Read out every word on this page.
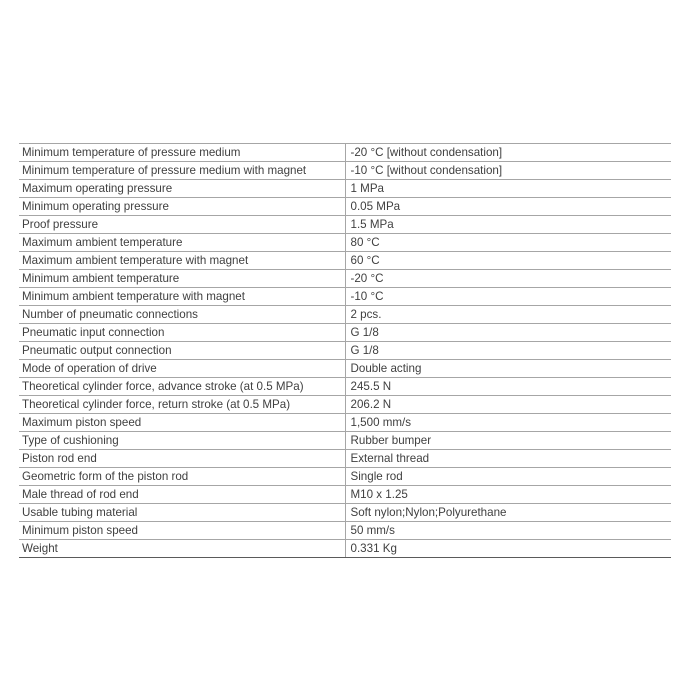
Minimum temperature of pressure medium	-20 °C [without condensation]
Minimum temperature of pressure medium with magnet	-10 °C [without condensation]
Maximum operating pressure	1 MPa
Minimum operating pressure	0.05 MPa
Proof pressure	1.5 MPa
Maximum ambient temperature	80 °C
Maximum ambient temperature with magnet	60 °C
Minimum ambient temperature	-20 °C
Minimum ambient temperature with magnet	-10 °C
Number of pneumatic connections	2 pcs.
Pneumatic input connection	G 1/8
Pneumatic output connection	G 1/8
Mode of operation of drive	Double acting
Theoretical cylinder force, advance stroke (at 0.5 MPa)	245.5 N
Theoretical cylinder force, return stroke (at 0.5 MPa)	206.2 N
Maximum piston speed	1,500 mm/s
Type of cushioning	Rubber bumper
Piston rod end	External thread
Geometric form of the piston rod	Single rod
Male thread of rod end	M10 x 1.25
Usable tubing material	Soft nylon;Nylon;Polyurethane
Minimum piston speed	50 mm/s
Weight	0.331 Kg
